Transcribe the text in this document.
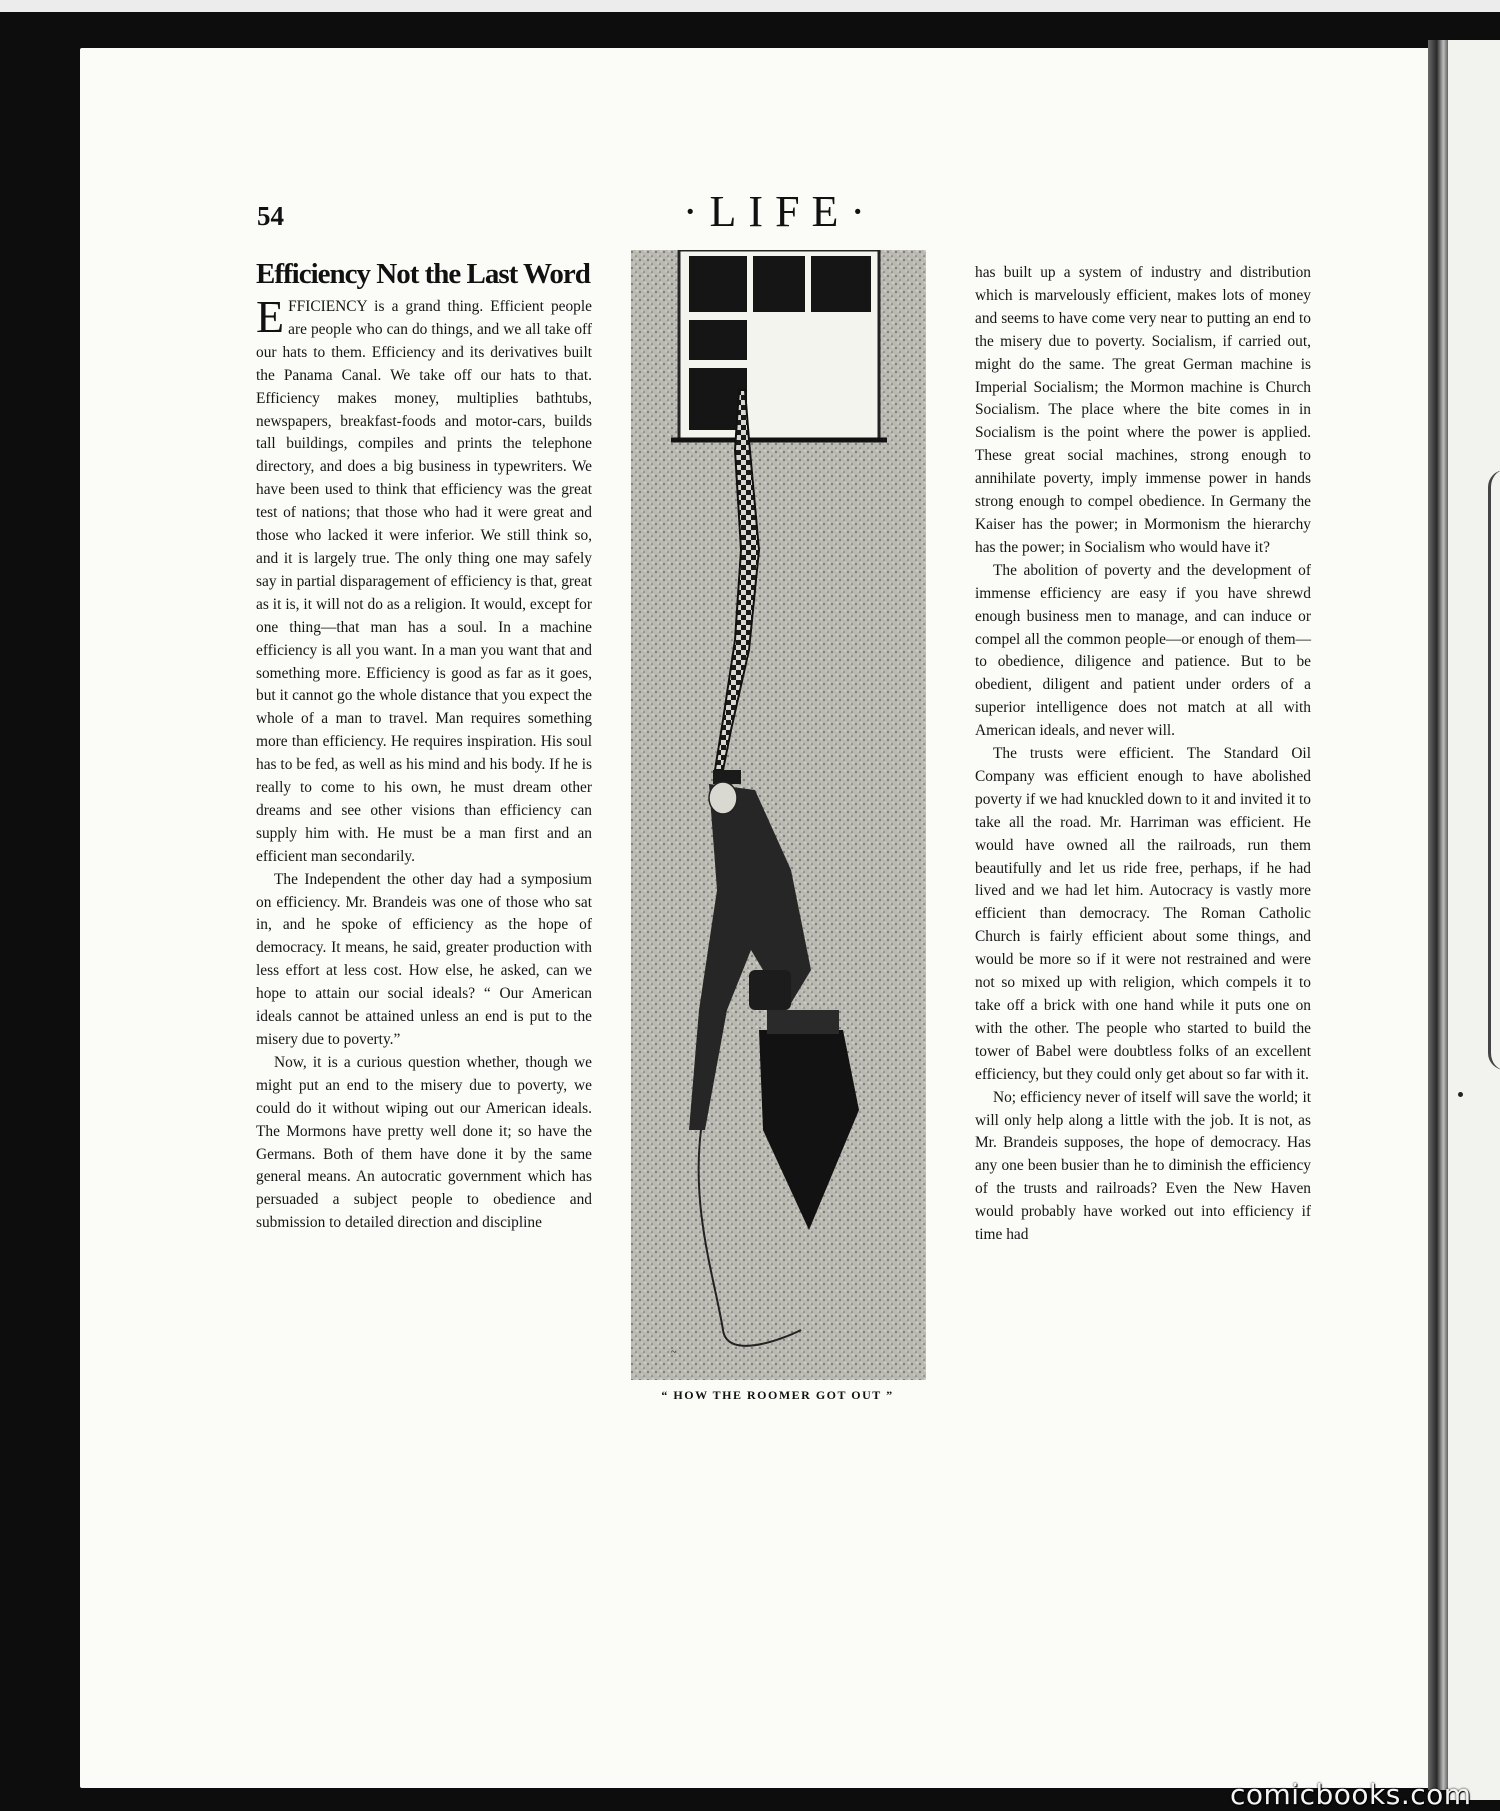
54	·LIFE·
Efficiency Not the Last Word

EFFICIENCY is a grand thing. Efficient people are people who can do things, and we all take off our hats to them. Efficiency and its derivatives built the Panama Canal. We take off our hats to that. Efficiency makes money, multiplies bathtubs, newspapers, breakfast-foods and motor-cars, builds tall buildings, compiles and prints the telephone directory, and does a big business in typewriters. We have been used to think that efficiency was the great test of nations; that those who had it were great and those who lacked it were inferior. We still think so, and it is largely true. The only thing one may safely say in partial disparagement of efficiency is that, great as it is, it will not do as a religion. It would, except for one thing—that man has a soul. In a machine efficiency is all you want. In a man you want that and something more. Efficiency is good as far as it goes, but it cannot go the whole distance that you expect the whole of a man to travel. Man requires something more than efficiency. He requires inspiration. His soul has to be fed, as well as his mind and his body. If he is really to come to his own, he must dream other dreams and see other visions than efficiency can supply him with. He must be a man first and an efficient man secondarily.

The Independent the other day had a symposium on efficiency. Mr. Brandeis was one of those who sat in, and he spoke of efficiency as the hope of democracy. It means, he said, greater production with less effort at less cost. How else, he asked, can we hope to attain our social ideals? “ Our American ideals cannot be attained unless an end is put to the misery due to poverty.”

Now, it is a curious question whether, though we might put an end to the misery due to poverty, we could do it without wiping out our American ideals. The Mormons have pretty well done it; so have the Germans. Both of them have done it by the same general means. An autocratic government which has persuaded a subject people to obedience and submission to detailed direction and discipline

~
“ HOW THE ROOMER GOT OUT ”

has built up a system of industry and distribution which is marvelously efficient, makes lots of money and seems to have come very near to putting an end to the misery due to poverty. Socialism, if carried out, might do the same. The great German machine is Imperial Socialism; the Mormon machine is Church Socialism. The place where the bite comes in in Socialism is the point where the power is applied. These great social machines, strong enough to annihilate poverty, imply immense power in hands strong enough to compel obedience. In Germany the Kaiser has the power; in Mormonism the hierarchy has the power; in Socialism who would have it?

The abolition of poverty and the development of immense efficiency are easy if you have shrewd enough business men to manage, and can induce or compel all the common people—or enough of them—to obedience, diligence and patience. But to be obedient, diligent and patient under orders of a superior intelligence does not match at all with American ideals, and never will.

The trusts were efficient. The Standard Oil Company was efficient enough to have abolished poverty if we had knuckled down to it and invited it to take all the road. Mr. Harriman was efficient. He would have owned all the railroads, run them beautifully and let us ride free, perhaps, if he had lived and we had let him. Autocracy is vastly more efficient than democracy. The Roman Catholic Church is fairly efficient about some things, and would be more so if it were not restrained and were not so mixed up with religion, which compels it to take off a brick with one hand while it puts one on with the other. The people who started to build the tower of Babel were doubtless folks of an excellent efficiency, but they could only get about so far with it.

No; efficiency never of itself will save the world; it will only help along a little with the job. It is not, as Mr. Brandeis supposes, the hope of democracy. Has any one been busier than he to diminish the efficiency of the trusts and railroads? Even the New Haven would probably have worked out into efficiency if time had

comicbooks.com
